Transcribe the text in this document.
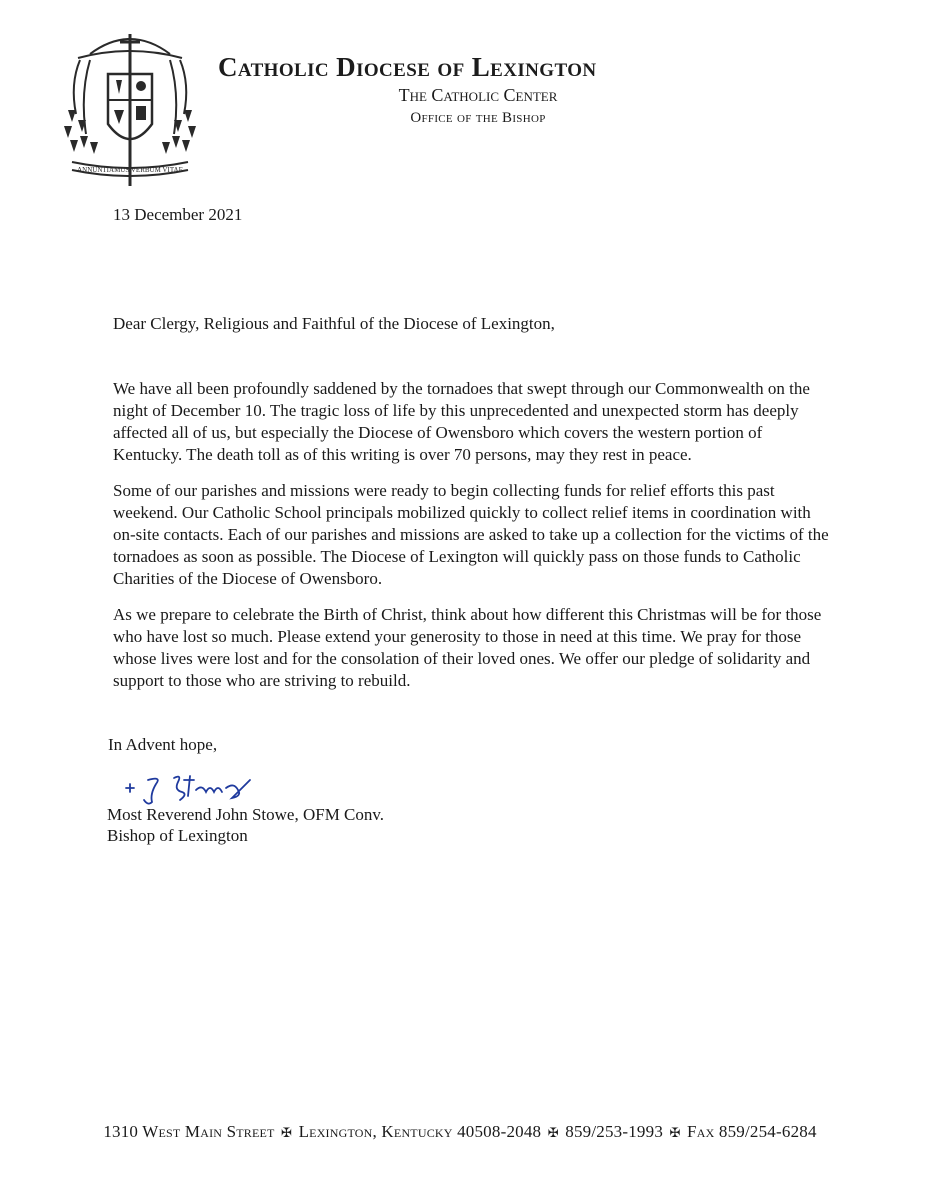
ANNUNTIAMUS VERBUM VITAE
Catholic Diocese of Lexington
The Catholic Center
Office of the Bishop
13 December 2021
Dear Clergy, Religious and Faithful of the Diocese of Lexington,

We have all been profoundly saddened by the tornadoes that swept through our Commonwealth on the night of December 10. The tragic loss of life by this unprecedented and unexpected storm has deeply affected all of us, but especially the Diocese of Owensboro which covers the western portion of Kentucky. The death toll as of this writing is over 70 persons, may they rest in peace.

Some of our parishes and missions were ready to begin collecting funds for relief efforts this past weekend. Our Catholic School principals mobilized quickly to collect relief items in coordination with on-site contacts. Each of our parishes and missions are asked to take up a collection for the victims of the tornadoes as soon as possible. The Diocese of Lexington will quickly pass on those funds to Catholic Charities of the Diocese of Owensboro.

As we prepare to celebrate the Birth of Christ, think about how different this Christmas will be for those who have lost so much. Please extend your generosity to those in need at this time. We pray for those whose lives were lost and for the consolation of their loved ones. We offer our pledge of solidarity and support to those who are striving to rebuild.

In Advent hope,
Most Reverend John Stowe, OFM Conv.
Bishop of Lexington
1310 West Main Street ✠ Lexington, Kentucky 40508-2048 ✠ 859/253-1993 ✠ Fax 859/254-6284
